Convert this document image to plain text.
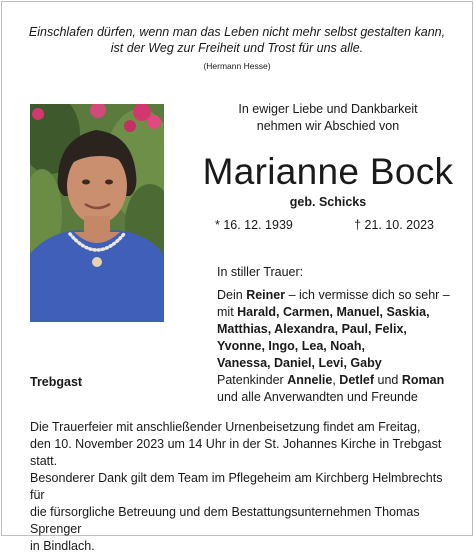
Einschlafen dürfen, wenn man das Leben nicht mehr selbst gestalten kann,
ist der Weg zur Freiheit und Trost für uns alle.
(Hermann Hesse)
In ewiger Liebe und Dankbarkeit
nehmen wir Abschied von
Marianne Bock
geb. Schicks
* 16. 12. 1939	† 21. 10. 2023
In stiller Trauer:
Dein Reiner – ich vermisse dich so sehr –
mit Harald, Carmen, Manuel, Saskia,
Matthias, Alexandra, Paul, Felix,
Yvonne, Ingo, Lea, Noah,
Vanessa, Daniel, Levi, Gaby
Patenkinder Annelie, Detlef und Roman
und alle Anverwandten und Freunde
Trebgast
Die Trauerfeier mit anschließender Urnenbeisetzung findet am Freitag,
den 10. November 2023 um 14 Uhr in der St. Johannes Kirche in Trebgast statt.
Besonderer Dank gilt dem Team im Pflegeheim am Kirchberg Helmbrechts für
die fürsorgliche Betreuung und dem Bestattungsunternehmen Thomas Sprenger
in Bindlach.
